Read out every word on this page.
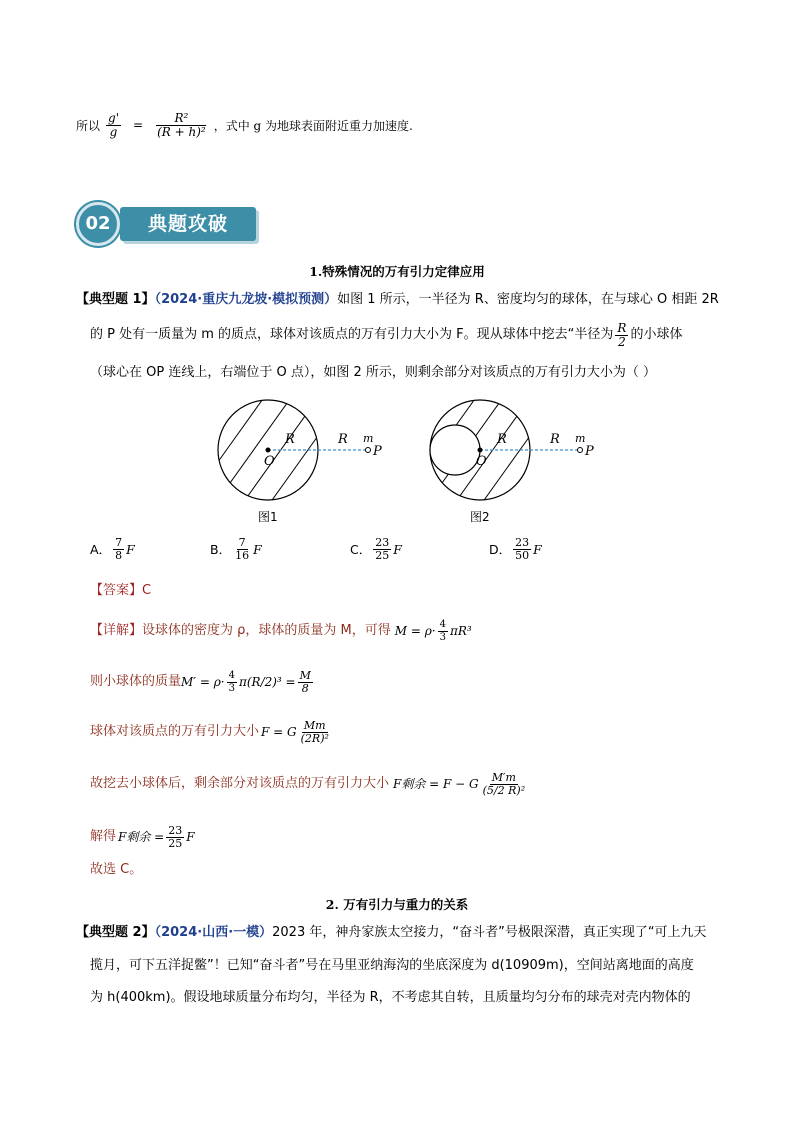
所以 $\frac{g'}{g} = \frac{\text{R²}}{\text{(R + h)²}}$ ，式中 g 为地球表面附近重力加速度.
02	典题攻破
1.特殊情况的万有引力定律应用
【典型题 1】（2024·重庆九龙坡·模拟预测）如图 1 所示，一半径为 R、密度均匀的球体，在与球心 O 相距 2R
的 P 处有一质量为 m 的质点，球体对该质点的万有引力大小为 F。现从球体中挖去“半径为 $\frac{R}{2}$ 的小球体
（球心在 OP 连线上，右端位于 O 点），如图 2 所示，则剩余部分对该质点的万有引力大小为（ ）
R	R
O
m
P
图1
R	R
O
m
P
图2
A． $\frac{7}{8}$ F	B． $\frac{7}{16}$ F	C． $\frac{23}{25}$ F	D． $\frac{23}{50}$ F
【答案】C
【详解】 设球体的密度为 ρ，球体的质量为 M，可得 $M = \rho\cdot \frac{4}{3} \pi R^3$
则小球体的质量 $M' = \rho\cdot \frac{4}{3} \pi(R/2)^3 = \frac{M}{8}$
球体对该质点的万有引力大小 F = G $\frac{Mm}{\text{(2R)²}}$
故挖去小球体后，剩余部分对该质点的万有引力大小 F剩余 = F − G $\frac{M'm}{\text{(5/2 R)²}}$
解得 F剩余 = $\frac{23}{25}$ F
故选 C。
2. 万有引力与重力的关系
【典型题 2】（2024·山西·一模）2023 年，神舟家族太空接力，“奋斗者”号极限深潜，真正实现了“可上九天
揽月，可下五洋捉鳖”！已知“奋斗者”号在马里亚纳海沟的坐底深度为 d(10909m)，空间站离地面的高度
为 h(400km)。假设地球质量分布均匀，半径为 R，不考虑其自转，且质量均匀分布的球壳对壳内物体的
